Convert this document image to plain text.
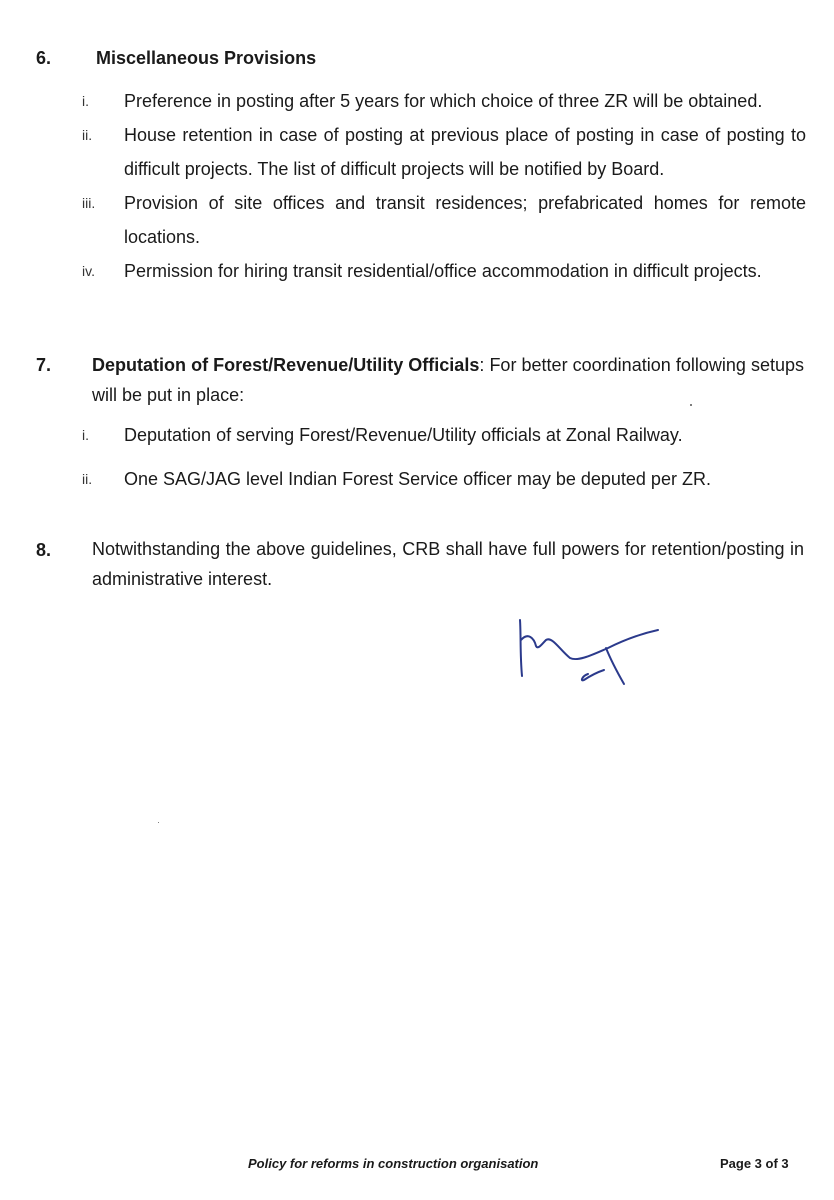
6. Miscellaneous Provisions
i. Preference in posting after 5 years for which choice of three ZR will be obtained.
ii. House retention in case of posting at previous place of posting in case of posting to difficult projects. The list of difficult projects will be notified by Board.
iii. Provision of site offices and transit residences; prefabricated homes for remote locations.
iv. Permission for hiring transit residential/office accommodation in difficult projects.
7. Deputation of Forest/Revenue/Utility Officials: For better coordination following setups will be put in place:
i. Deputation of serving Forest/Revenue/Utility officials at Zonal Railway.
ii. One SAG/JAG level Indian Forest Service officer may be deputed per ZR.
8. Notwithstanding the above guidelines, CRB shall have full powers for retention/posting in administrative interest.
Policy for reforms in construction organisation	Page 3 of 3
